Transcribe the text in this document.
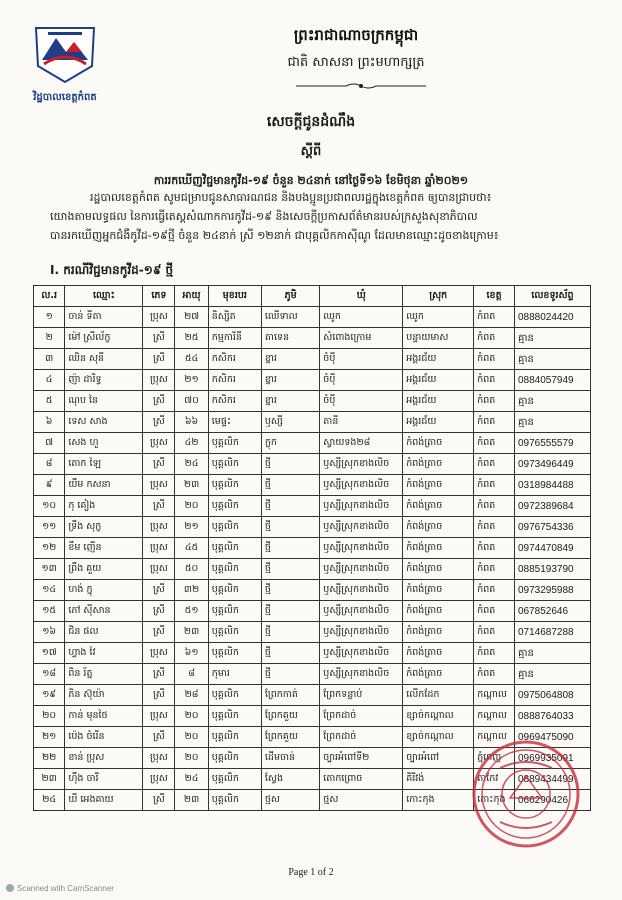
វិដ្ឋបាលខេត្តកំពត
ព្រះរាជាណាចក្រកម្ពុជា
ជាតិ សាសនា ព្រះមហាក្សត្រ
សេចក្តីជូនដំណឹង
ស្តីពី
ការរកឃើញវិជ្ជមានកូវីដ-១៩ ចំនួន ២៤នាក់ នៅថ្ងៃទី១៦ ខែមិថុនា ឆ្នាំ២០២១

រដ្ឋបាលខេត្តកំពត សូមជម្រាបជូនសាធារណជន និងបងប្អូនប្រជាពលរដ្ឋក្នុងខេត្តកំពត ឲ្យបានជ្រាបថា៖

យោងតាមលទ្ធផល នៃការធ្វើតេស្តសំណាកការកូវីដ-១៩ និងសេចក្តីប្រកាសព័ត៌មានរបស់ក្រសួងសុខាភិបាល

បានរកឃើញអ្នកជំងឺកូវីដ-១៩ថ្មី ចំនួន ២៤នាក់ ស្រី ១២នាក់ ជាបុគ្គលិកកាស៊ីណូ ដែលមានឈ្មោះដូចខាងក្រោម៖

I. ករណីវិជ្ជមានកូវីដ-១៩ ថ្មី
ល.រ	ឈ្មោះ	ភេទ	អាយុ	មុខរបរ	ភូមិ	ឃុំ	ស្រុក	ខេត្ត	លេខទូរស័ព្ទ
១	ចាន់ ទីតា	ប្រុស	២៧	និស្សិត	ឈើទាល	ឈូក	ឈូក	កំពត	0888024420
២	ម៉ៅ ស្រីល័ក្ខ	ស្រី	២៥	កម្មការិនី	តាទេន	សំពោងក្រោម	បន្ទាយមាស	កំពត	គ្មាន
៣	ឈិន សុនី	ស្រី	៥៤	កសិករ	ខ្នារ	ចំប៉ី	អង្គរជ័យ	កំពត	គ្មាន
៤	ញ៉ា ដារិទ្ធ	ប្រុស	២១	កសិករ	ខ្នារ	ចំប៉ី	អង្គរជ័យ	កំពត	0884057949
៥	ណុប នៃ	ស្រី	៧០	កសិករ	ខ្នារ	ចំប៉ី	អង្គរជ័យ	កំពត	គ្មាន
៦	ទេស សាង	ស្រី	៦៦	មេផ្ទះ	ឫស្សី	តានី	អង្គរជ័យ	កំពត	គ្មាន
៧	សេង ហួ	ប្រុស	៤២	បុគ្គលិក	ក្លុក	ស្វាយទង២៨	កំពង់ត្រាច	កំពត	0976555579
៨	តោក ឡៃ	ស្រី	២៤	បុគ្គលិក	ថ្មី	ឫស្សីស្រុកខាងលិច	កំពង់ត្រាច	កំពត	0973496449
៩	យឹម កសនា	ប្រុស	២៣	បុគ្គលិក	ថ្មី	ឫស្សីស្រុកខាងលិច	កំពង់ត្រាច	កំពត	0318984488
១០	កុ គៀង	ស្រី	២០	បុគ្គលិក	ថ្មី	ឫស្សីស្រុកខាងលិច	កំពង់ត្រាច	កំពត	0972389684
១១	ទ្រឹង សុក្ខ	ប្រុស	២១	បុគ្គលិក	ថ្មី	ឫស្សីស្រុកខាងលិច	កំពង់ត្រាច	កំពត	0976754336
១២	ខឹម ញើន	ប្រុស	៤៥	បុគ្គលិក	ថ្មី	ឫស្សីស្រុកខាងលិច	កំពង់ត្រាច	កំពត	0974470849
១៣	ព្រឹង គួយ	ប្រុស	៥០	បុគ្គលិក	ថ្មី	ឫស្សីស្រុកខាងលិច	កំពង់ត្រាច	កំពត	0885193790
១៤	ហង់ ក្នុ	ស្រី	៣២	បុគ្គលិក	ថ្មី	ឫស្សីស្រុកខាងលិច	កំពង់ត្រាច	កំពត	0973295988
១៥	ភៅ ស៊ីសាន	ស្រី	៥១	បុគ្គលិក	ថ្មី	ឫស្សីស្រុកខាងលិច	កំពង់ត្រាច	កំពត	067852646
១៦	ជិន ផល	ស្រី	២៣	បុគ្គលិក	ថ្មី	ឫស្សីស្រុកខាងលិច	កំពង់ត្រាច	កំពត	0714687288
១៧	ហ្វាង វៃ	ប្រុស	៦១	បុគ្គលិក	ថ្មី	ឫស្សីស្រុកខាងលិច	កំពង់ត្រាច	កំពត	គ្មាន
១៨	ពិន រ័ត្ន	ស្រី	៨	កុមារ	ថ្មី	ឫស្សីស្រុកខាងលិច	កំពង់ត្រាច	កំពត	គ្មាន
១៩	ភិន ស៊ុយ៉ា	ស្រី	២៨	បុគ្គលិក	ព្រែកកាត់	ព្រែកទន្លាប់	លើកដែក	កណ្តាល	0975064808
២០	កាន់ មុនថៃ	ប្រុស	២០	បុគ្គលិក	ព្រែកគួយ	ព្រែកដាច់	ខ្សាច់កណ្តាល	កណ្តាល	0888764033
២១	ប៉េង ចំរើន	ស្រី	២០	បុគ្គលិក	ព្រែកគួយ	ព្រែកដាច់	ខ្សាច់កណ្តាល	កណ្តាល	0969475090
២២	ខាន់ ប្រុស	ប្រុស	២០	បុគ្គលិក	ដើមចាន់	ច្បារអំពៅទី២	ច្បារអំពៅ	ភ្នំពេញ	0969935091
២៣	ហ៊ឹង ចារី	ប្រុស	២៤	បុគ្គលិក	ស្វែង	តោកព្រោច	គិរីវង់	តាកែវ	0889434499
២៤	ឃី អេងគាយ	ស្រី	២៣	បុគ្គលិក	ថ្មស	ថ្មស	កោះកុង	កោះកុង	066290426
Page 1 of 2
Scanned with CamScanner
